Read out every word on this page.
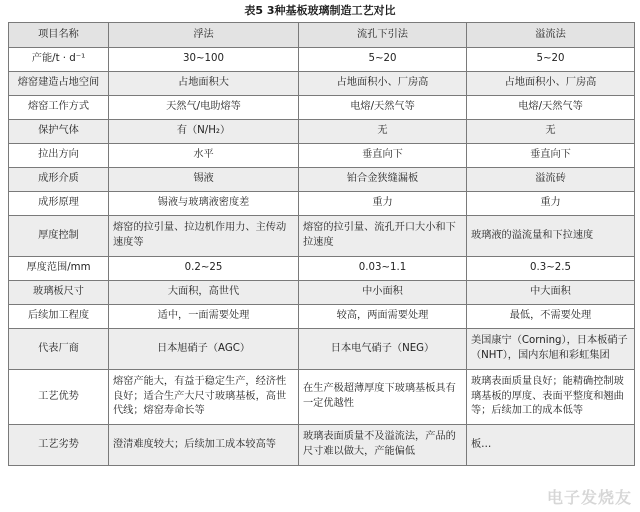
表5 3种基板玻璃制造工艺对比
项目名称	浮法	流孔下引法	溢流法
产能/t · d⁻¹	30~100	5~20	5~20
熔窑建造占地空间	占地面积大	占地面积小、厂房高	占地面积小、厂房高
熔窑工作方式	天然气/电助熔等	电熔/天然气等	电熔/天然气等
保护气体	有（N/H₂）	无	无
拉出方向	水平	垂直向下	垂直向下
成形介质	锡液	铂合金狭缝漏板	溢流砖
成形原理	锡液与玻璃液密度差	重力	重力
厚度控制	熔窑的拉引量、拉边机作用力、主传动速度等	熔窑的拉引量、流孔开口大小和下拉速度	玻璃液的溢流量和下拉速度
厚度范围/mm	0.2~25	0.03~1.1	0.3~2.5
玻璃板尺寸	大面积，高世代	中小面积	中大面积
后续加工程度	适中，一面需要处理	较高，两面需要处理	最低，不需要处理
代表厂商	日本旭硝子（AGC）	日本电气硝子（NEG）	美国康宁（Corning），日本板硝子（NHT），国内东旭和彩虹集团
工艺优势	熔窑产能大，有益于稳定生产，经济性良好；适合生产大尺寸玻璃基板，高世代线；熔窑寿命长等	在生产极超薄厚度下玻璃基板具有一定优越性	玻璃表面质量良好；能精确控制玻璃基板的厚度、表面平整度和翘曲等；后续加工的成本低等
工艺劣势	澄清难度较大；后续加工成本较高等	玻璃表面质量不及溢流法，产品的尺寸难以做大，产能偏低	板…
电子发烧友
